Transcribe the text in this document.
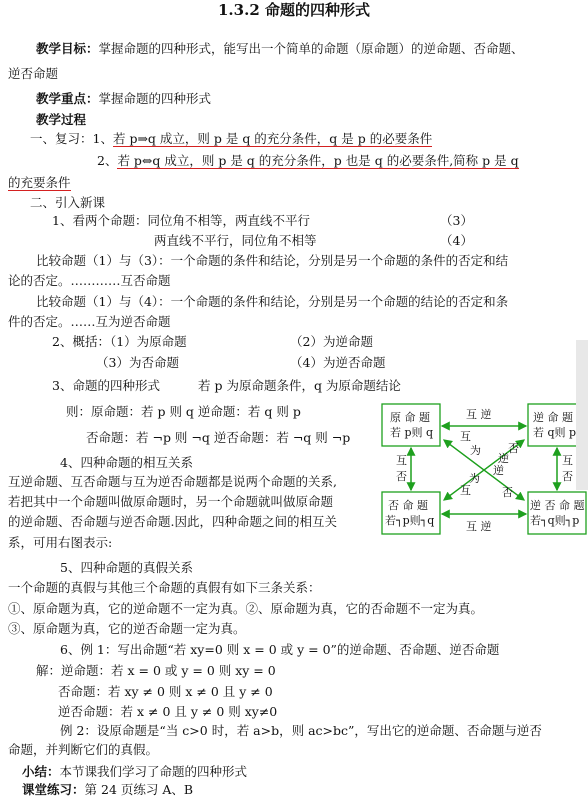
1.3.2 命题的四种形式
教学目标：掌握命题的四种形式，能写出一个简单的命题（原命题）的逆命题、否命题、
逆否命题
教学重点：掌握命题的四种形式
教学过程
一、复习：1、若 p⇒q 成立，则 p 是 q 的充分条件，q 是 p 的必要条件
2、若 p⇔q 成立，则 p 是 q 的充分条件，p 也是 q 的必要条件,简称 p 是 q
的充要条件
二、引入新课
1、看两个命题：同位角不相等，两直线不平行	（3）
两直线不平行，同位角不相等	（4）
比较命题（1）与（3）：一个命题的条件和结论，分别是另一个命题的条件的否定和结
论的否定。…………互否命题
比较命题（1）与（4）：一个命题的条件和结论，分别是另一个命题的结论的否定和条
件的否定。……互为逆否命题
2、概括：（1）为原命题	（2）为逆命题
（3）为否命题	（4）为逆否命题
3、命题的四种形式	若 p 为原命题条件，q 为原命题结论
则：原命题：若 p 则 q 逆命题：若 q 则 p
否命题：若 ¬p 则 ¬q 逆否命题：若 ¬q 则 ¬p
4、四种命题的相互关系
互逆命题、互否命题与互为逆否命题都是说两个命题的关系,
若把其中一个命题叫做原命题时，另一个命题就叫做原命题
的逆命题、否命题与逆否命题.因此，四种命题之间的相互关
系，可用右图表示:
原 命 题
若 p则 q
逆 命 题
若 q则 p
否 命 题
若┐p则┐q
逆 否 命 题
若┐q则┐p
互 逆
互 逆
互
否
互
否
互
为
逆
否
否
逆
为
互
5、四种命题的真假关系
一个命题的真假与其他三个命题的真假有如下三条关系：
①、原命题为真，它的逆命题不一定为真。②、原命题为真，它的否命题不一定为真。
③、原命题为真，它的逆否命题一定为真。
6、例 1：写出命题“若 xy=0 则 x = 0 或 y = 0”的逆命题、否命题、逆否命题
解：逆命题：若 x = 0 或 y = 0 则 xy = 0
否命题：若 xy ≠ 0 则 x ≠ 0 且 y ≠ 0
逆否命题：若 x ≠ 0 且 y ≠ 0 则 xy≠0
例 2：设原命题是“当 c>0 时，若 a>b，则 ac>bc”，写出它的逆命题、否命题与逆否
命题，并判断它们的真假。
小结：本节课我们学习了命题的四种形式
课堂练习：第 24 页练习 A、B
